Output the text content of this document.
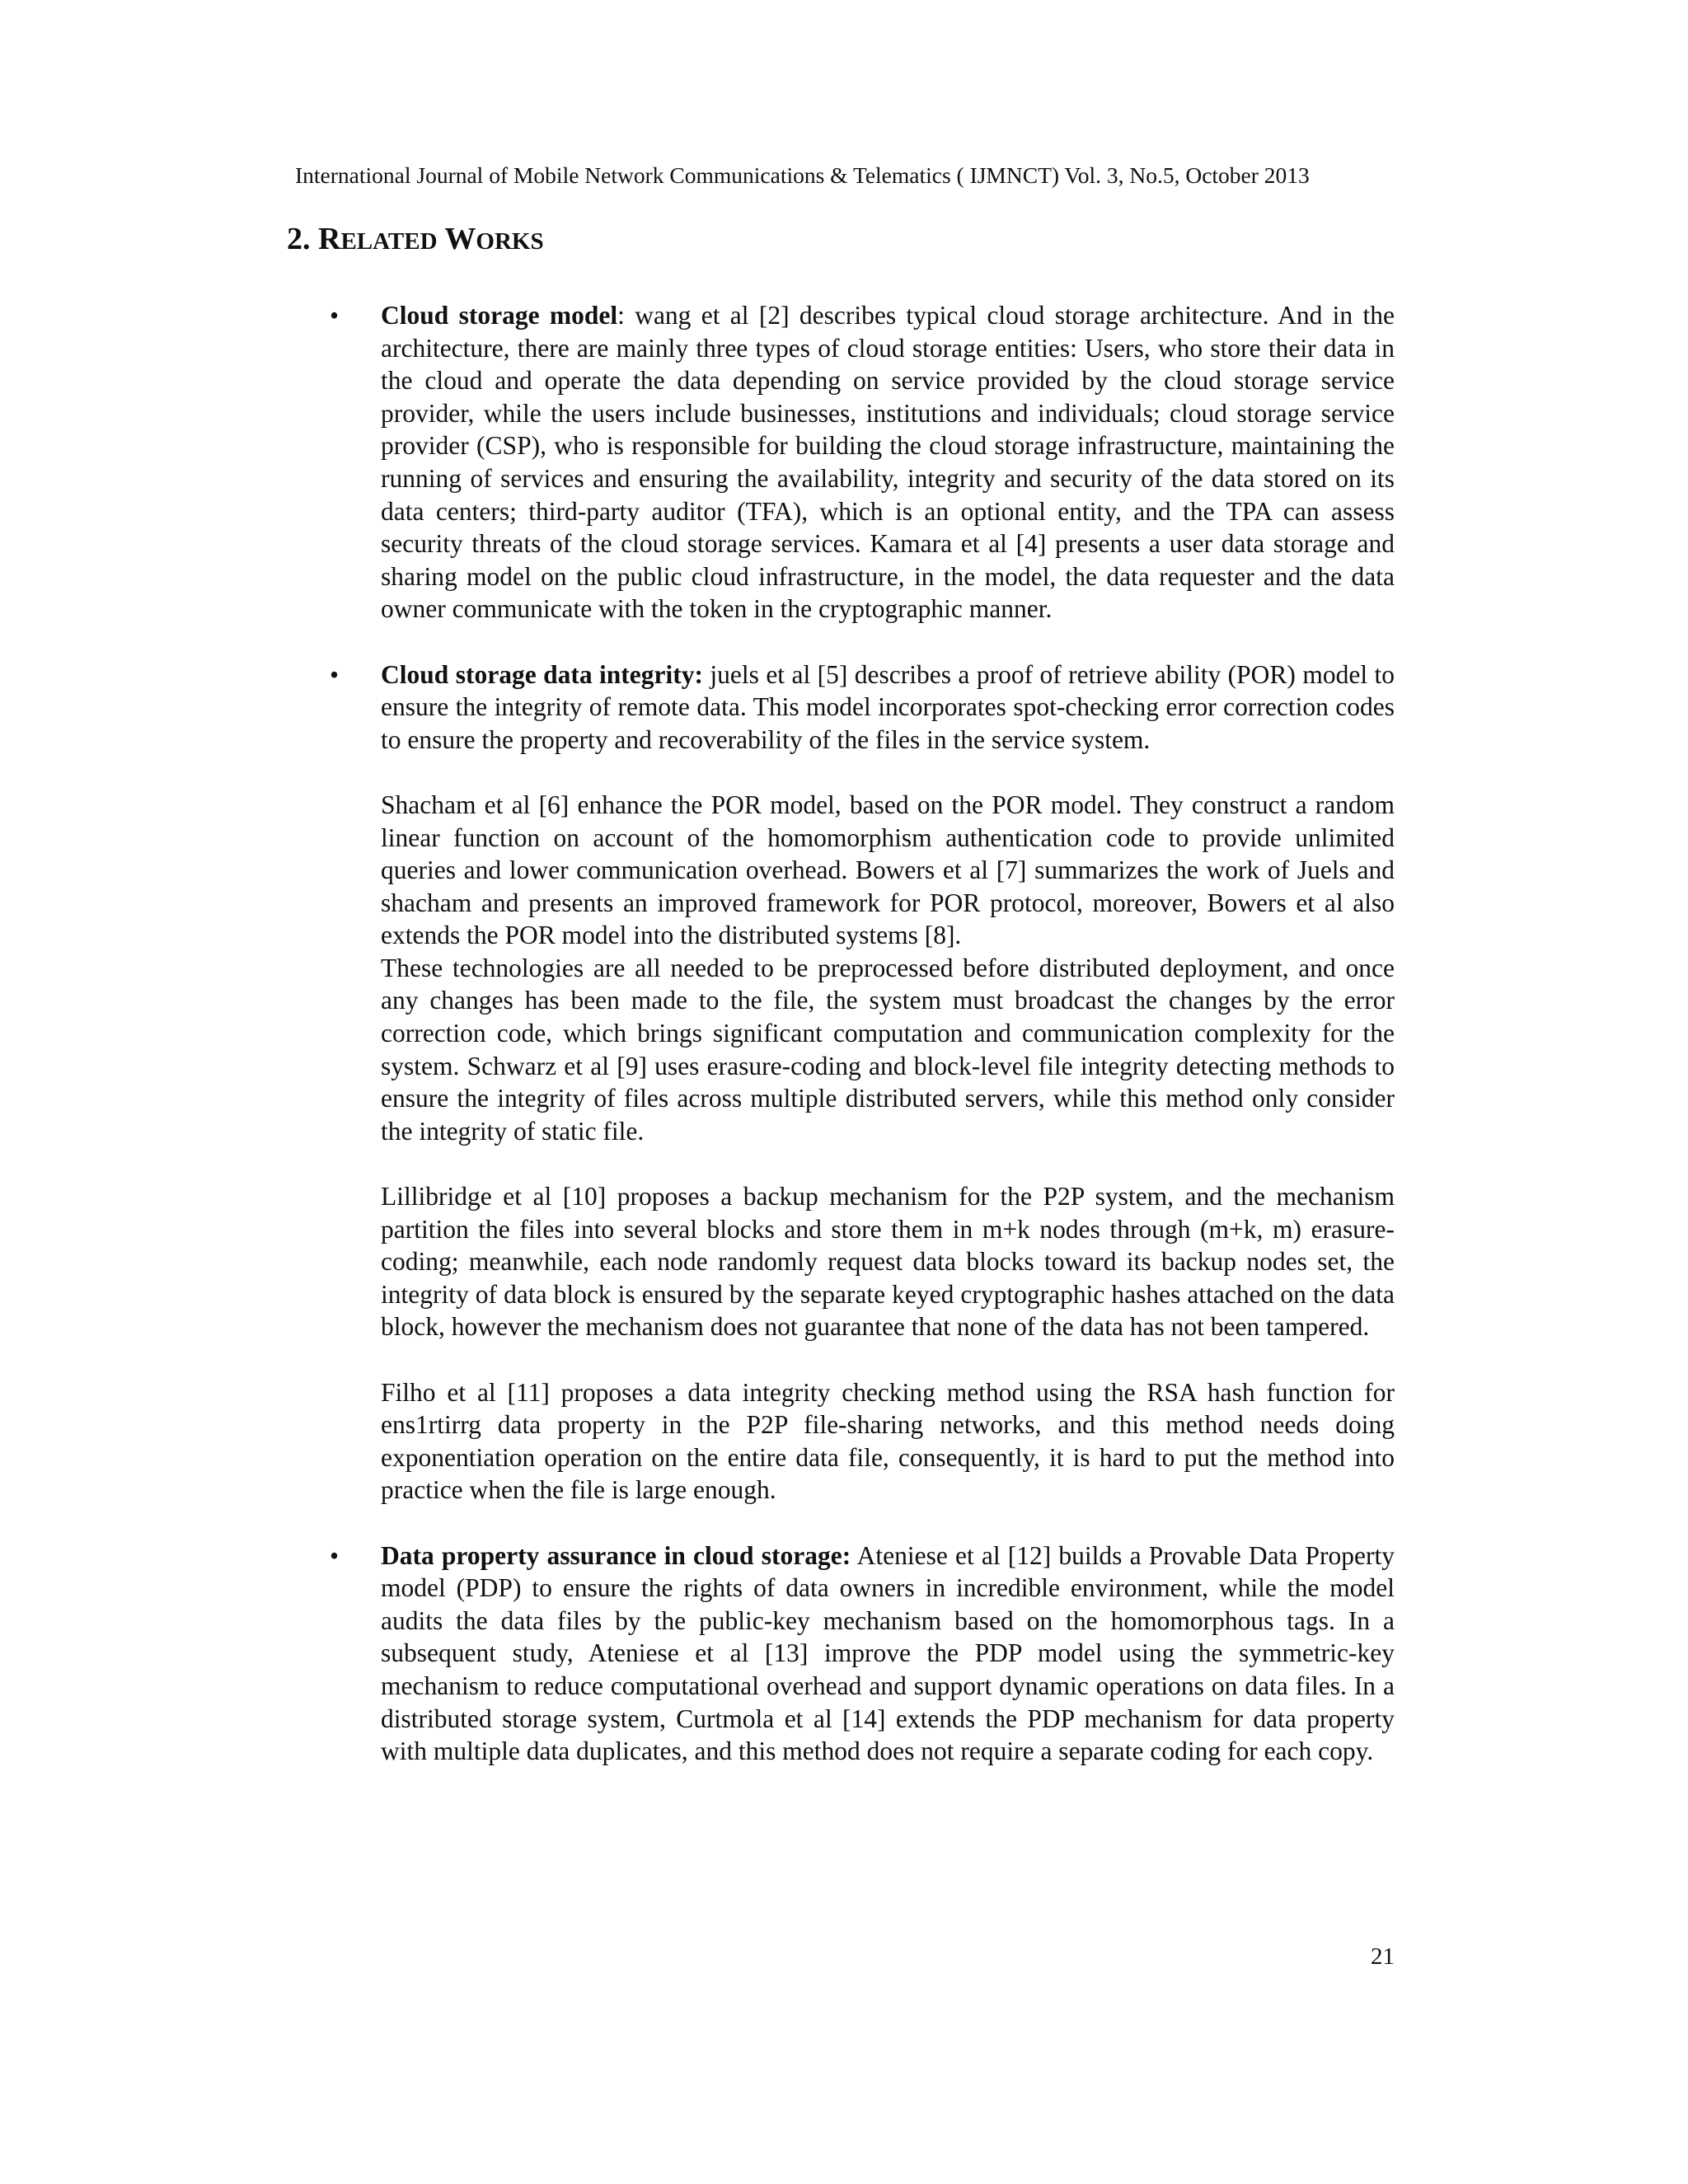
International Journal of Mobile Network Communications & Telematics ( IJMNCT) Vol. 3, No.5, October 2013
2. RELATED WORKS
• Cloud storage model: wang et al [2] describes typical cloud storage architecture. And in the architecture, there are mainly three types of cloud storage entities: Users, who store their data in the cloud and operate the data depending on service provided by the cloud storage service provider, while the users include businesses, institutions and individuals; cloud storage service provider (CSP), who is responsible for building the cloud storage infrastructure, maintaining the running of services and ensuring the availability, integrity and security of the data stored on its data centers; third-party auditor (TFA), which is an optional entity, and the TPA can assess security threats of the cloud storage services. Kamara et al [4] presents a user data storage and sharing model on the public cloud infrastructure, in the model, the data requester and the data owner communicate with the token in the cryptographic manner.

• Cloud storage data integrity: juels et al [5] describes a proof of retrieve ability (POR) model to ensure the integrity of remote data. This model incorporates spot-checking error correction codes to ensure the property and recoverability of the files in the service system.

Shacham et al [6] enhance the POR model, based on the POR model. They construct a random linear function on account of the homomorphism authentication code to provide unlimited queries and lower communication overhead. Bowers et al [7] summarizes the work of Juels and shacham and presents an improved framework for POR protocol, moreover, Bowers et al also extends the POR model into the distributed systems [8].

These technologies are all needed to be preprocessed before distributed deployment, and once any changes has been made to the file, the system must broadcast the changes by the error correction code, which brings significant computation and communication complexity for the system. Schwarz et al [9] uses erasure-coding and block-level file integrity detecting methods to ensure the integrity of files across multiple distributed servers, while this method only consider the integrity of static file.

Lillibridge et al [10] proposes a backup mechanism for the P2P system, and the mechanism partition the files into several blocks and store them in m+k nodes through (m+k, m) erasure-coding; meanwhile, each node randomly request data blocks toward its backup nodes set, the integrity of data block is ensured by the separate keyed cryptographic hashes attached on the data block, however the mechanism does not guarantee that none of the data has not been tampered.

Filho et al [11] proposes a data integrity checking method using the RSA hash function for ens1rtirrg data property in the P2P file-sharing networks, and this method needs doing exponentiation operation on the entire data file, consequently, it is hard to put the method into practice when the file is large enough.

• Data property assurance in cloud storage: Ateniese et al [12] builds a Provable Data Property model (PDP) to ensure the rights of data owners in incredible environment, while the model audits the data files by the public-key mechanism based on the homomorphous tags. In a subsequent study, Ateniese et al [13] improve the PDP model using the symmetric-key mechanism to reduce computational overhead and support dynamic operations on data files. In a distributed storage system, Curtmola et al [14] extends the PDP mechanism for data property with multiple data duplicates, and this method does not require a separate coding for each copy.

21
